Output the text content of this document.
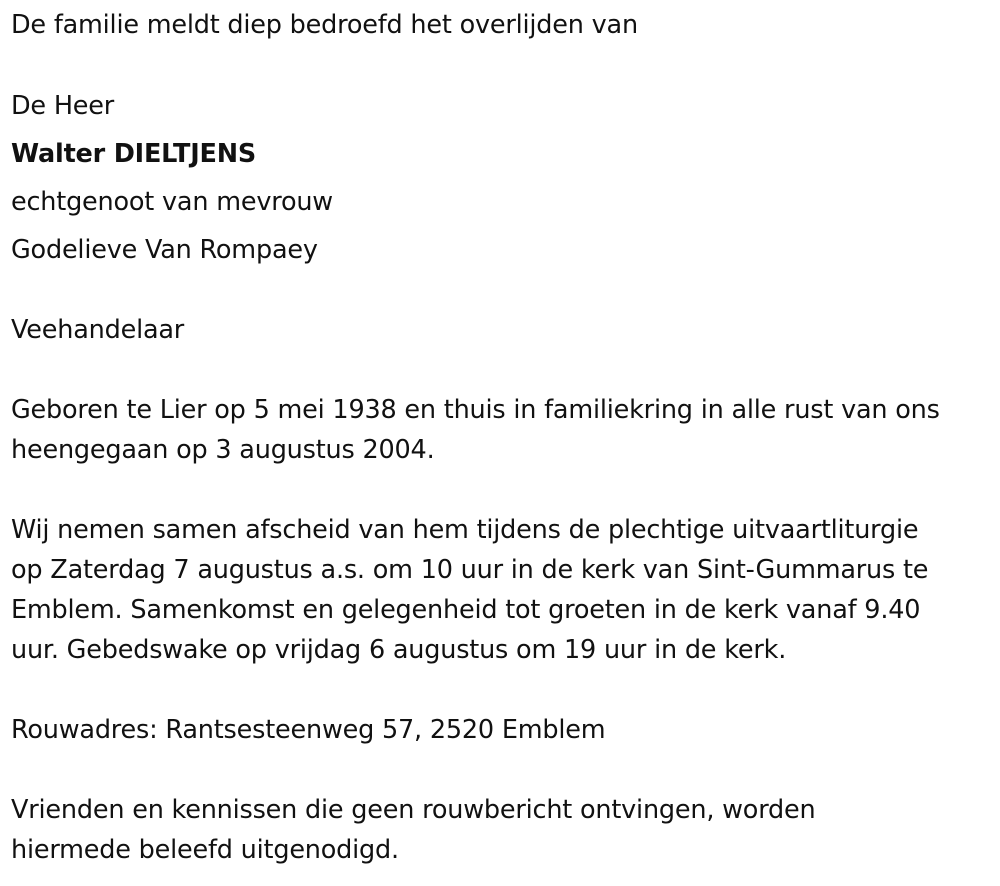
De familie meldt diep bedroefd het overlijden van

De Heer

Walter DIELTJENS

echtgenoot van mevrouw

Godelieve Van Rompaey

Veehandelaar

Geboren te Lier op 5 mei 1938 en thuis in familiekring in alle rust van ons

heengegaan op 3 augustus 2004.

Wij nemen samen afscheid van hem tijdens de plechtige uitvaartliturgie

op Zaterdag 7 augustus a.s. om 10 uur in de kerk van Sint-Gummarus te

Emblem. Samenkomst en gelegenheid tot groeten in de kerk vanaf 9.40

uur. Gebedswake op vrijdag 6 augustus om 19 uur in de kerk.

Rouwadres: Rantsesteenweg 57, 2520 Emblem

Vrienden en kennissen die geen rouwbericht ontvingen, worden

hiermede beleefd uitgenodigd.
